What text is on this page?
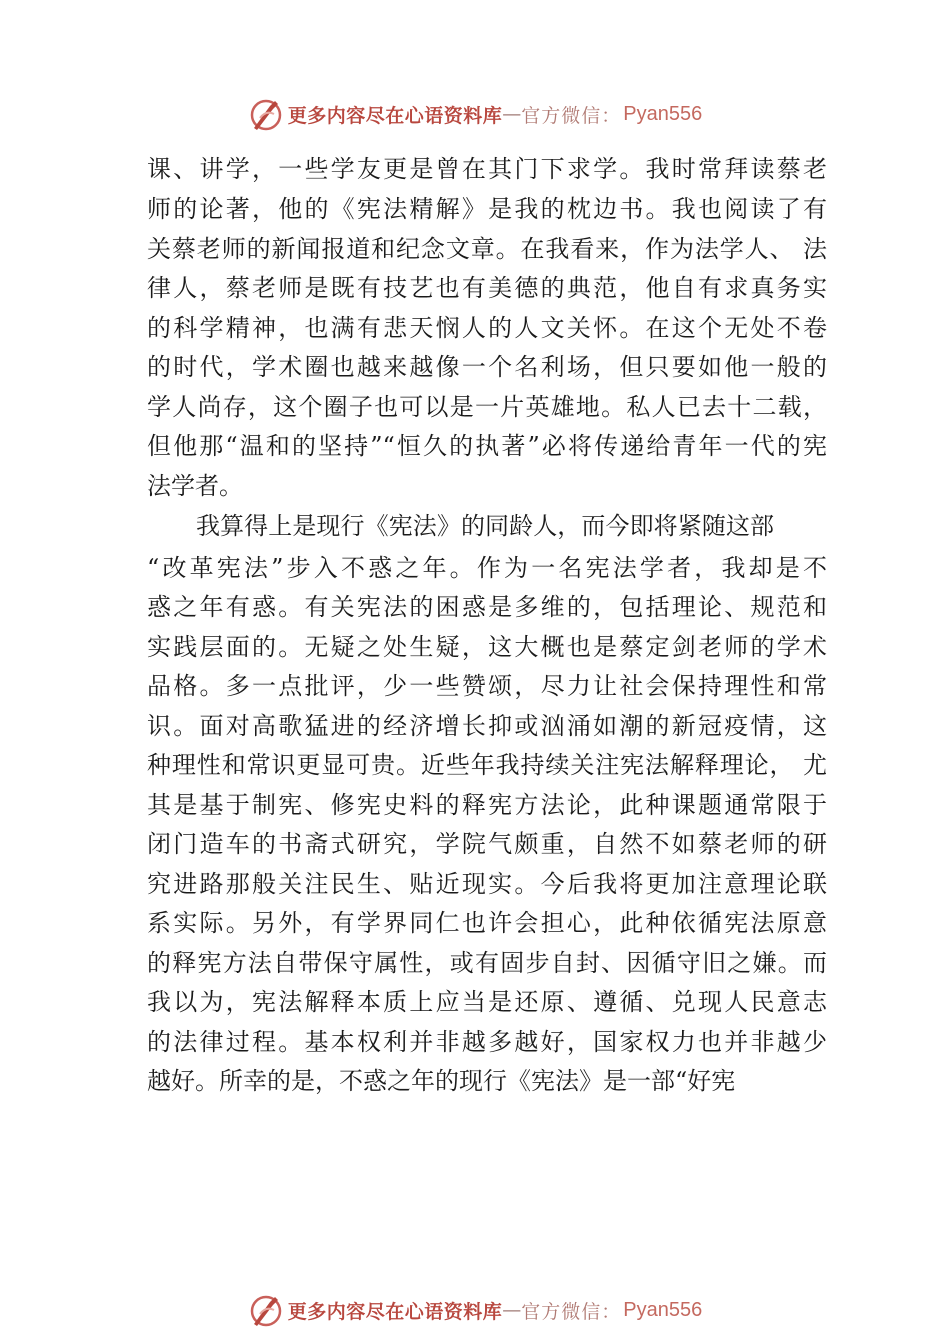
更多内容尽在心语资料库 — 官方微信： Pyan556
课、讲学，一些学友更是曾在其门下求学。我时常拜读蔡老
师的论著，他的《宪法精解》是我的枕边书。我也阅读了有
关蔡老师的新闻报道和纪念文章。在我看来，作为法学人、 法
律人，蔡老师是既有技艺也有美德的典范，他自有求真务实
的科学精神，也满有悲天悯人的人文关怀。在这个无处不卷
的时代，学术圈也越来越像一个名利场，但只要如他一般的
学人尚存，这个圈子也可以是一片英雄地。私人已去十二载，
但他那“温和的坚持”“恒久的执著”必将传递给青年一代的宪
法学者。
我算得上是现行《宪法》的同龄人，而今即将紧随这部
“改革宪法”步入不惑之年。作为一名宪法学者，我却是不
惑之年有惑。有关宪法的困惑是多维的，包括理论、规范和
实践层面的。无疑之处生疑，这大概也是蔡定剑老师的学术
品格。多一点批评，少一些赞颂，尽力让社会保持理性和常
识。面对高歌猛进的经济增长抑或汹涌如潮的新冠疫情，这
种理性和常识更显可贵。近些年我持续关注宪法解释理论， 尤
其是基于制宪、修宪史料的释宪方法论，此种课题通常限于
闭门造车的书斋式研究，学院气颇重，自然不如蔡老师的研
究进路那般关注民生、贴近现实。今后我将更加注意理论联
系实际。另外，有学界同仁也许会担心，此种依循宪法原意
的释宪方法自带保守属性，或有固步自封、因循守旧之嫌。而
我以为，宪法解释本质上应当是还原、遵循、兑现人民意志
的法律过程。基本权利并非越多越好，国家权力也并非越少
越好。所幸的是，不惑之年的现行《宪法》是一部“好宪
更多内容尽在心语资料库 — 官方微信： Pyan556
